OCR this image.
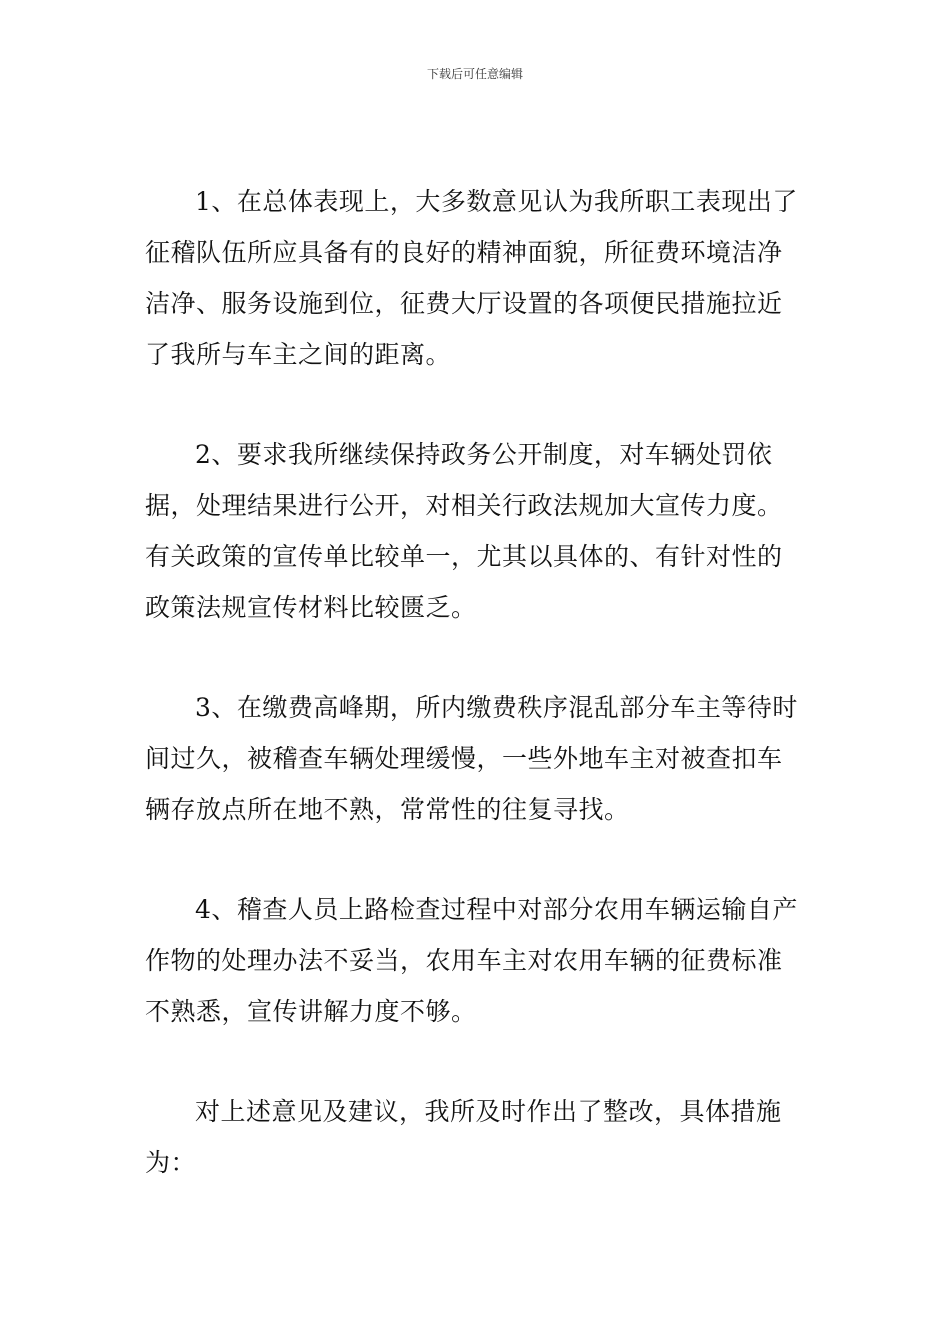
下载后可任意编辑

1、在总体表现上，大多数意见认为我所职工表现出了征稽队伍所应具备有的良好的精神面貌，所征费环境洁净洁净、服务设施到位，征费大厅设置的各项便民措施拉近了我所与车主之间的距离。

2、要求我所继续保持政务公开制度，对车辆处罚依据，处理结果进行公开，对相关行政法规加大宣传力度。有关政策的宣传单比较单一，尤其以具体的、有针对性的政策法规宣传材料比较匮乏。

3、在缴费高峰期，所内缴费秩序混乱部分车主等待时间过久，被稽查车辆处理缓慢，一些外地车主对被查扣车辆存放点所在地不熟，常常性的往复寻找。

4、稽查人员上路检查过程中对部分农用车辆运输自产作物的处理办法不妥当，农用车主对农用车辆的征费标准不熟悉，宣传讲解力度不够。

对上述意见及建议，我所及时作出了整改，具体措施为：
